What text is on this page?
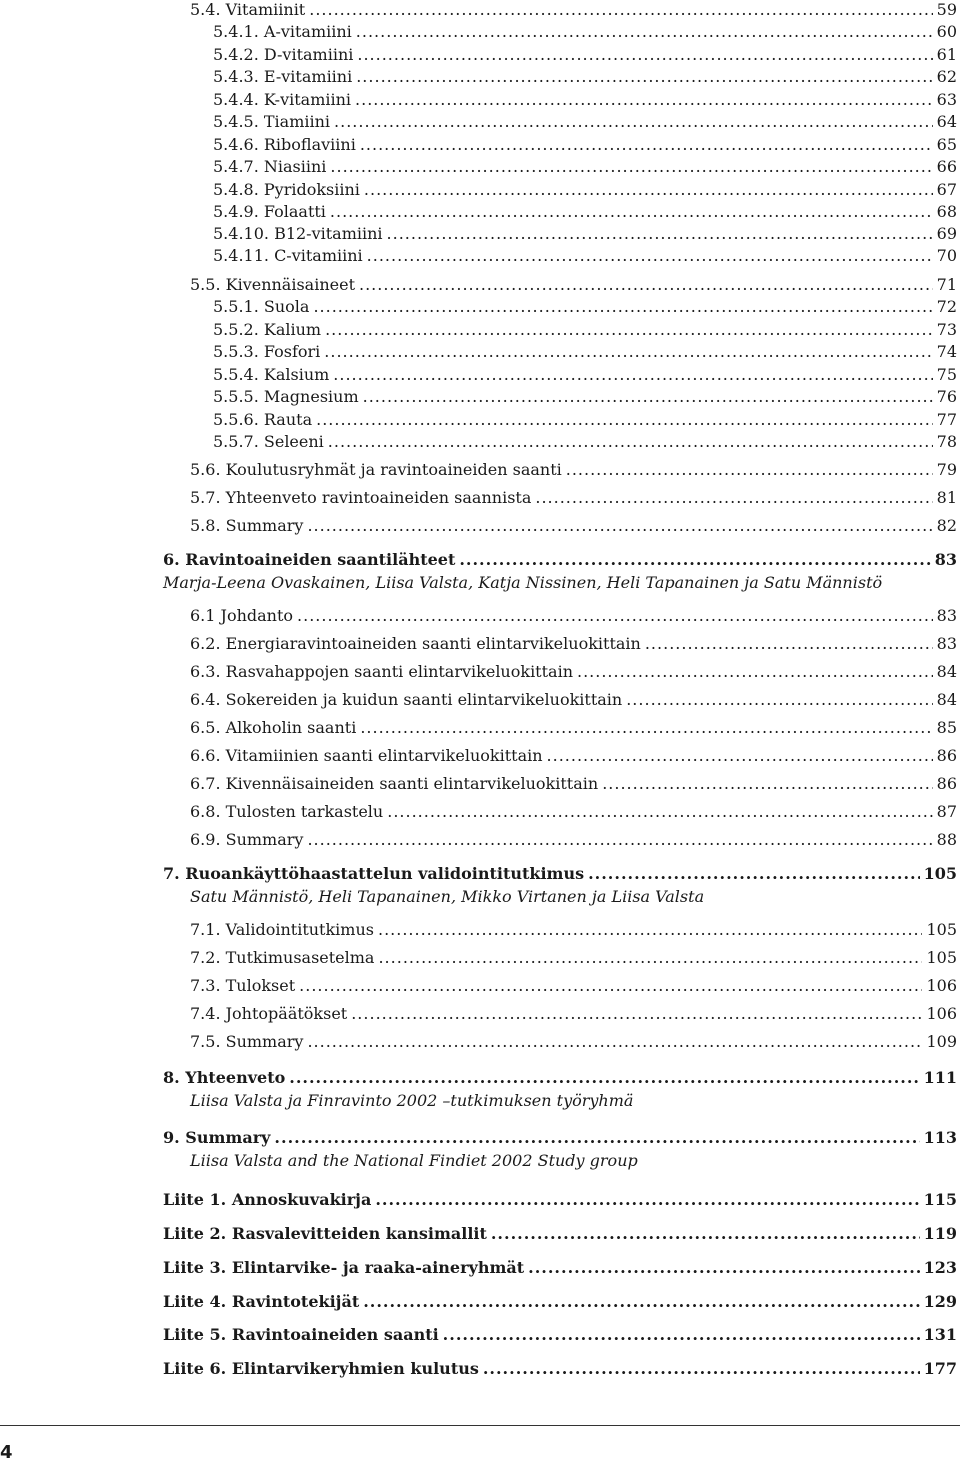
5.4. Vitamiinit .....	59
5.4.1. A-vitamiini .....	60
5.4.2. D-vitamiini .....	61
5.4.3. E-vitamiini .....	62
5.4.4. K-vitamiini .....	63
5.4.5. Tiamiini .....	64
5.4.6. Riboflaviini .....	65
5.4.7. Niasiini .....	66
5.4.8. Pyridoksiini .....	67
5.4.9. Folaatti .....	68
5.4.10. B12-vitamiini .....	69
5.4.11. C-vitamiini .....	70
5.5. Kivennäisaineet .....	71
5.5.1. Suola .....	72
5.5.2. Kalium .....	73
5.5.3. Fosfori .....	74
5.5.4. Kalsium .....	75
5.5.5. Magnesium .....	76
5.5.6. Rauta .....	77
5.5.7. Seleeni .....	78
5.6. Koulutusryhmät ja ravintoaineiden saanti .....	79
5.7. Yhteenveto ravintoaineiden saannista .....	81
5.8. Summary .....	82
6. Ravintoaineiden saantilähteet .....	83
6.1 Johdanto .....	83
6.2. Energiaravintoaineiden saanti elintarvikeluokittain .....	83
6.3. Rasvahappojen saanti elintarvikeluokittain .....	84
6.4. Sokereiden ja kuidun saanti elintarvikeluokittain .....	84
6.5. Alkoholin saanti .....	85
6.6. Vitamiinien saanti elintarvikeluokittain .....	86
6.7. Kivennäisaineiden saanti elintarvikeluokittain .....	86
6.8. Tulosten tarkastelu .....	87
6.9. Summary .....	88
7. Ruoankäyttöhaastattelun validointitutkimus .....	105
7.1. Validointitutkimus .....	105
7.2. Tutkimusasetelma .....	105
7.3. Tulokset .....	106
7.4. Johtopäätökset .....	106
7.5. Summary .....	109
8. Yhteenveto .....	111
9. Summary .....	113
Liite 1. Annoskuvakirja .....	115
Liite 2. Rasvalevitteiden kansimallit .....	119
Liite 3. Elintarvike- ja raaka-aineryhmät .....	123
Liite 4. Ravintotekijät .....	129
Liite 5. Ravintoaineiden saanti .....	131
Liite 6. Elintarvikeryhmien kulutus .....	177
Marja-Leena Ovaskainen, Liisa Valsta, Katja Nissinen, Heli Tapanainen ja Satu Männistö
Satu Männistö, Heli Tapanainen, Mikko Virtanen ja Liisa Valsta
Liisa Valsta ja Finravinto 2002 –tutkimuksen työryhmä
Liisa Valsta and the National Findiet 2002 Study group
4
